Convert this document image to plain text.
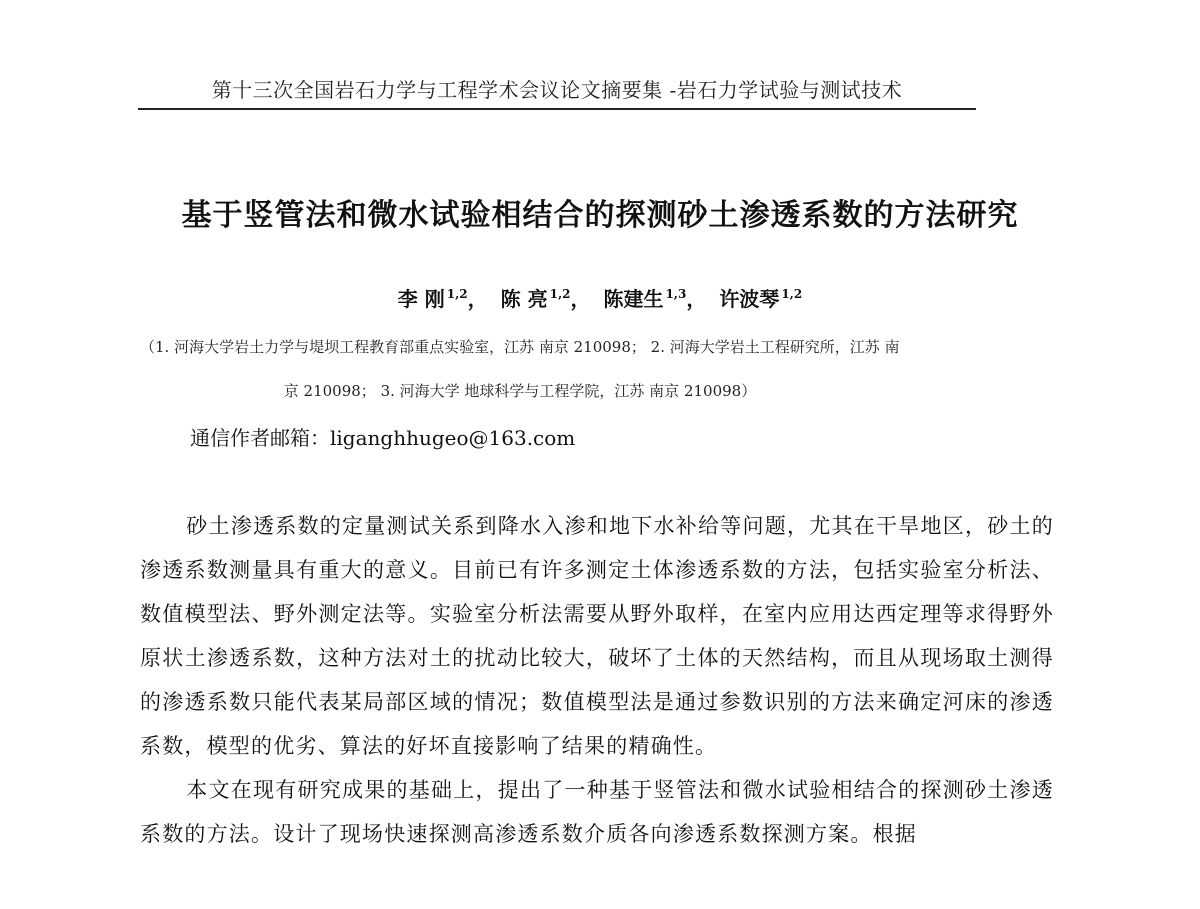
第十三次全国岩石力学与工程学术会议论文摘要集 -岩石力学试验与测试技术
基于竖管法和微水试验相结合的探测砂土渗透系数的方法研究
李 刚 $^{1,2}$， 陈 亮 $^{1,2}$， 陈建生 $^{1,3}$， 许波琴 $^{1,2}$
（1. 河海大学岩土力学与堤坝工程教育部重点实验室，江苏 南京 210098； 2. 河海大学岩土工程研究所，江苏 南
京 210098； 3. 河海大学 地球科学与工程学院，江苏 南京 210098）
通信作者邮箱：liganghhugeo@163.com

砂土渗透系数的定量测试关系到降水入渗和地下水补给等问题，尤其在干旱地区，砂土的渗透系数测量具有重大的意义。目前已有许多测定土体渗透系数的方法，包括实验室分析法、数值模型法、野外测定法等。实验室分析法需要从野外取样，在室内应用达西定理等求得野外原状土渗透系数，这种方法对土的扰动比较大，破坏了土体的天然结构，而且从现场取土测得的渗透系数只能代表某局部区域的情况；数值模型法是通过参数识别的方法来确定河床的渗透系数，模型的优劣、算法的好坏直接影响了结果的精确性。

本文在现有研究成果的基础上，提出了一种基于竖管法和微水试验相结合的探测砂土渗透系数的方法。设计了现场快速探测高渗透系数介质各向渗透系数探测方案。根据
